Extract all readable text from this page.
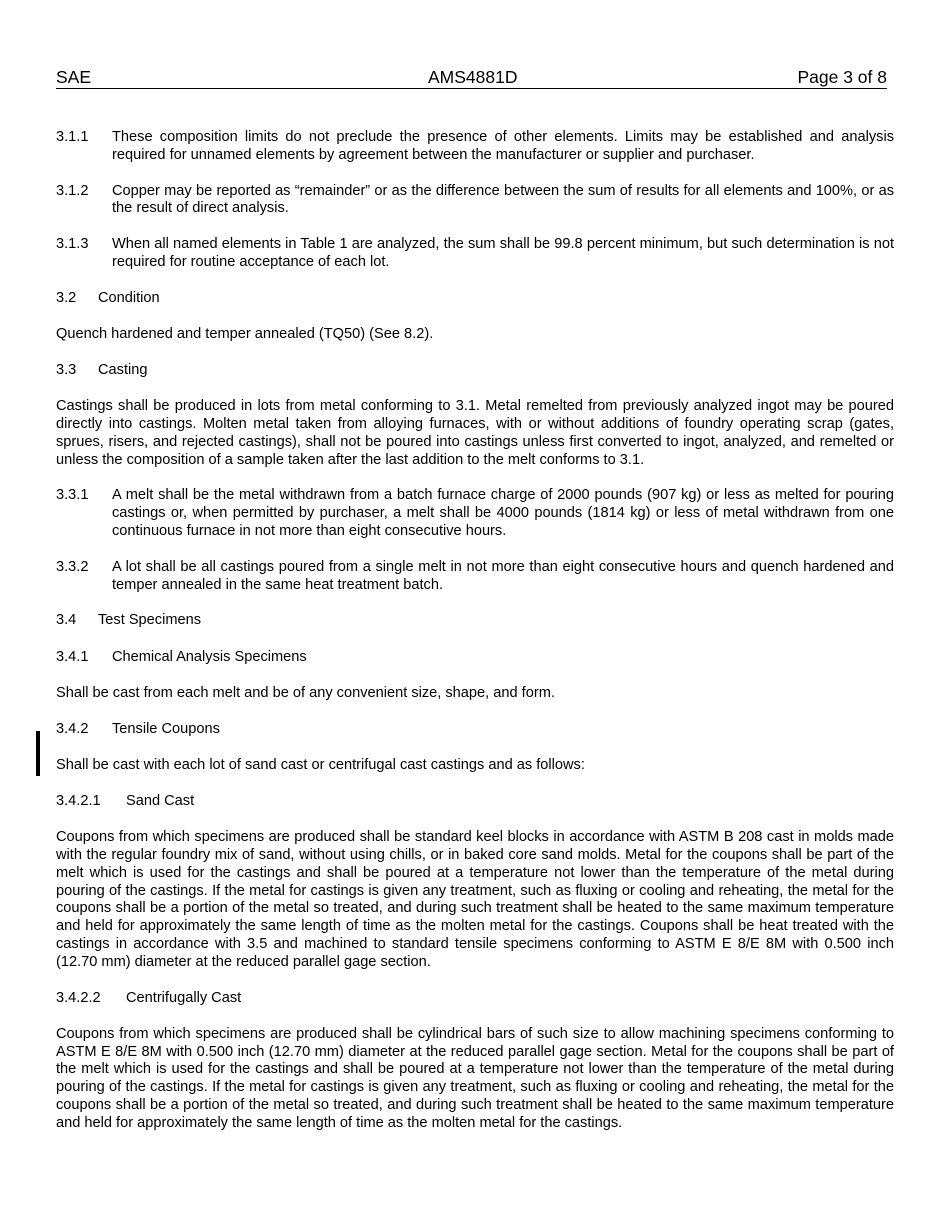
SAE	AMS4881D	Page 3 of 8
3.1.1	These composition limits do not preclude the presence of other elements. Limits may be established and analysis required for unnamed elements by agreement between the manufacturer or supplier and purchaser.
3.1.2	Copper may be reported as “remainder” or as the difference between the sum of results for all elements and 100%, or as the result of direct analysis.
3.1.3	When all named elements in Table 1 are analyzed, the sum shall be 99.8 percent minimum, but such determination is not required for routine acceptance of each lot.
3.2 Condition

Quench hardened and temper annealed (TQ50) (See 8.2).

3.3 Casting

Castings shall be produced in lots from metal conforming to 3.1. Metal remelted from previously analyzed ingot may be poured directly into castings. Molten metal taken from alloying furnaces, with or without additions of foundry operating scrap (gates, sprues, risers, and rejected castings), shall not be poured into castings unless first converted to ingot, analyzed, and remelted or unless the composition of a sample taken after the last addition to the melt conforms to 3.1.

3.3.1	A melt shall be the metal withdrawn from a batch furnace charge of 2000 pounds (907 kg) or less as melted for pouring castings or, when permitted by purchaser, a melt shall be 4000 pounds (1814 kg) or less of metal withdrawn from one continuous furnace in not more than eight consecutive hours.
3.3.2	A lot shall be all castings poured from a single melt in not more than eight consecutive hours and quench hardened and temper annealed in the same heat treatment batch.
3.4 Test Specimens
3.4.1 Chemical Analysis Specimens

Shall be cast from each melt and be of any convenient size, shape, and form.

3.4.2 Tensile Coupons

Shall be cast with each lot of sand cast or centrifugal cast castings and as follows:

3.4.2.1 Sand Cast

Coupons from which specimens are produced shall be standard keel blocks in accordance with ASTM B 208 cast in molds made with the regular foundry mix of sand, without using chills, or in baked core sand molds. Metal for the coupons shall be part of the melt which is used for the castings and shall be poured at a temperature not lower than the temperature of the metal during pouring of the castings. If the metal for castings is given any treatment, such as fluxing or cooling and reheating, the metal for the coupons shall be a portion of the metal so treated, and during such treatment shall be heated to the same maximum temperature and held for approximately the same length of time as the molten metal for the castings. Coupons shall be heat treated with the castings in accordance with 3.5 and machined to standard tensile specimens conforming to ASTM E 8/E 8M with 0.500 inch (12.70 mm) diameter at the reduced parallel gage section.

3.4.2.2 Centrifugally Cast

Coupons from which specimens are produced shall be cylindrical bars of such size to allow machining specimens conforming to ASTM E 8/E 8M with 0.500 inch (12.70 mm) diameter at the reduced parallel gage section. Metal for the coupons shall be part of the melt which is used for the castings and shall be poured at a temperature not lower than the temperature of the metal during pouring of the castings. If the metal for castings is given any treatment, such as fluxing or cooling and reheating, the metal for the coupons shall be a portion of the metal so treated, and during such treatment shall be heated to the same maximum temperature and held for approximately the same length of time as the molten metal for the castings.
